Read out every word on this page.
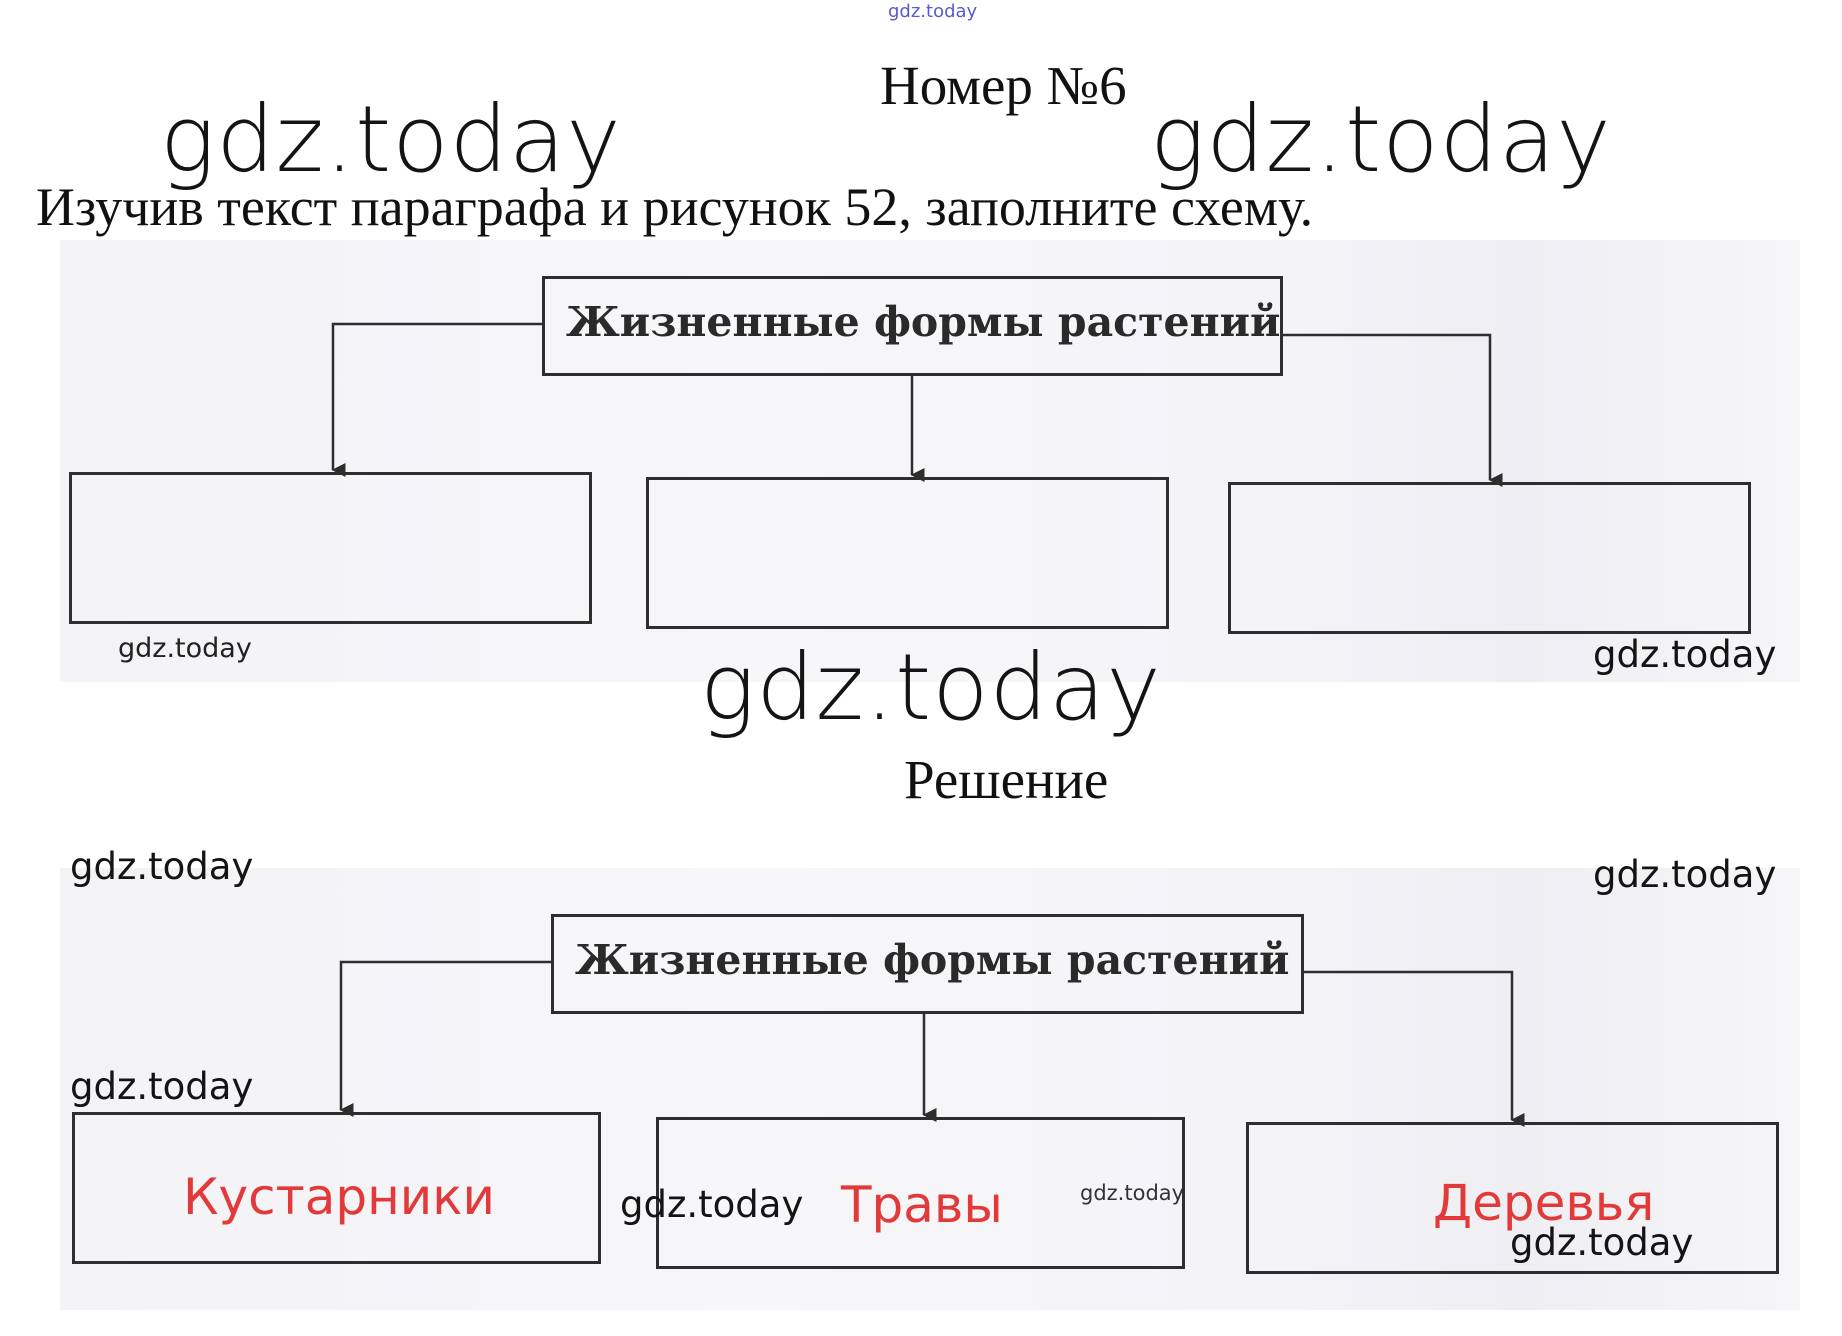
gdz.today
Номер №6
gdz.today	gdz.today
Изучив текст параграфа и рисунок 52, заполните схему.
Жизненные формы растений
gdz.today	gdz.today
gdz.today
Решение
gdz.today	gdz.today
Жизненные формы растений
gdz.today
Кустарники	gdz.today Травы	gdz.today	Деревья
gdz.today
